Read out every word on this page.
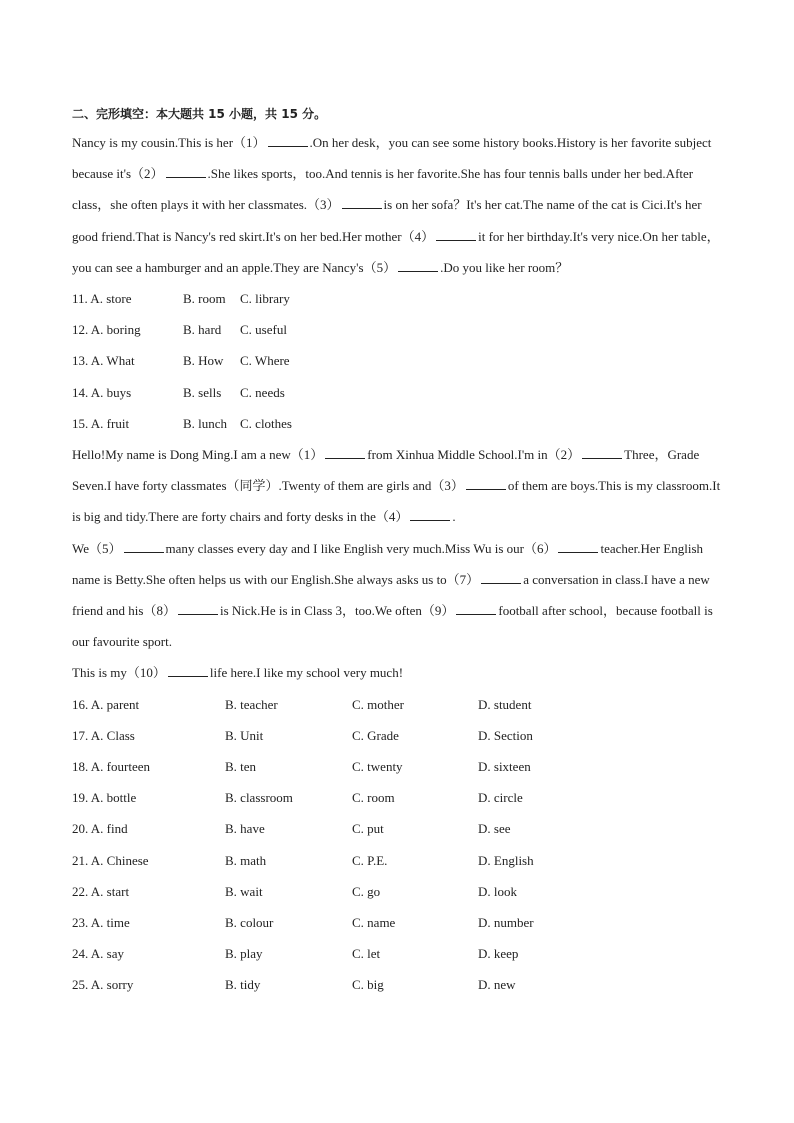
二、完形填空：本大题共 15 小题，共 15 分。

Nancy is my cousin.This is her（1）	.On her desk，you can see some history books.History is her favorite subject because it's（2）	.She likes sports，too.And tennis is her favorite.She has four tennis balls under her bed.After class，she often plays it with her classmates.（3）	is on her sofa？It's her cat.The name of the cat is Cici.It's her good friend.That is Nancy's red skirt.It's on her bed.Her mother（4）	it for her birthday.It's very nice.On her table，you can see a hamburger and an apple.They are Nancy's（5）	.Do you like her room？

11. A. store	B. room C. library
12. A. boring	B. hard C. useful
13. A. What	B. How C. Where
14. A. buys	B. sells C. needs
15. A. fruit	B. lunch C. clothes

Hello!My name is Dong Ming.I am a new（1）	from Xinhua Middle School.I'm in（2）	Three，Grade Seven.I have forty classmates（同学）.Twenty of them are girls and（3）	of them are boys.This is my classroom.It is big and tidy.There are forty chairs and forty desks in the（4）	.

We（5）	many classes every day and I like English very much.Miss Wu is our（6）	teacher.Her English name is Betty.She often helps us with our English.She always asks us to（7）	a conversation in class.I have a new friend and his（8）	is Nick.He is in Class 3，too.We often（9）	football after school，because football is our favourite sport.

This is my（10）	life here.I like my school very much!

16. A. parent	B. teacher	C. mother	D. student
17. A. Class	B. Unit	C. Grade	D. Section
18. A. fourteen	B. ten	C. twenty	D. sixteen
19. A. bottle	B. classroom	C. room	D. circle
20. A. find	B. have	C. put	D. see
21. A. Chinese	B. math	C. P.E.	D. English
22. A. start	B. wait	C. go	D. look
23. A. time	B. colour	C. name	D. number
24. A. say	B. play	C. let	D. keep
25. A. sorry	B. tidy	C. big	D. new
